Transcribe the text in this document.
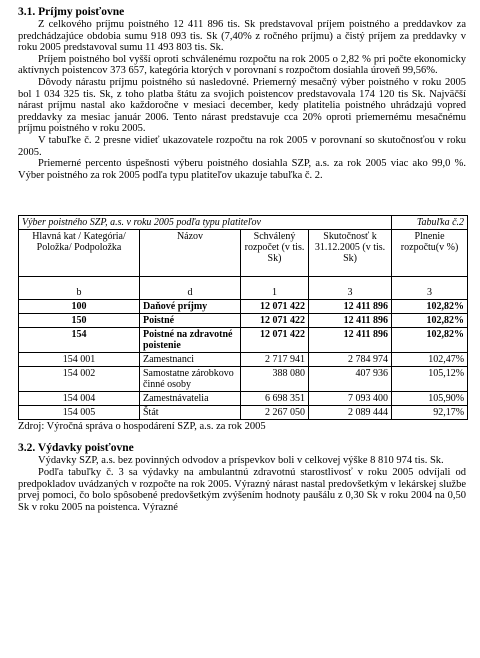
3.1. Príjmy poisťovne

Z celkového príjmu poistného 12 411 896 tis. Sk predstavoval príjem poistného a preddavkov za predchádzajúce obdobia sumu 918 093 tis. Sk (7,40% z ročného príjmu) a čistý príjem za preddavky v roku 2005 predstavoval sumu 11 493 803 tis. Sk.

Príjem poistného bol vyšší oproti schválenému rozpočtu na rok 2005 o 2,82 % pri počte ekonomicky aktívnych poistencov 373 657, kategória ktorých v porovnaní s rozpočtom dosiahla úroveň 99,56%.

Dôvody nárastu príjmu poistného sú nasledovné. Priemerný mesačný výber poistného v roku 2005 bol 1 034 325 tis. Sk, z toho platba štátu za svojich poistencov predstavovala 174 120 tis Sk. Najväčší nárast príjmu nastal ako každoročne v mesiaci december, kedy platitelia poistného uhrádzajú vopred preddavky za mesiac január 2006. Tento nárast predstavuje cca 20% oproti priemernému mesačnému príjmu poistného v roku 2005.

V tabuľke č. 2 presne vidieť ukazovatele rozpočtu na rok 2005 v porovnaní so skutočnosťou v roku 2005.

Priemerné percento úspešnosti výberu poistného dosiahla SZP, a.s. za rok 2005 viac ako 99,0 %. Výber poistného za rok 2005 podľa typu platiteľov ukazuje tabuľka č. 2.

Výber poistného SZP, a.s. v roku 2005 podľa typu platiteľov				Tabuľka č.2
Hlavná kat / Kategória/ Položka/ Podpoložka	Názov	Schválený rozpočet (v tis. Sk)	Skutočnosť k 31.12.2005 (v tis. Sk)	Plnenie rozpočtu(v %)
b	d	1	3	3
100	Daňové príjmy	12 071 422	12 411 896	102,82%
150	Poistné	12 071 422	12 411 896	102,82%
154	Poistné na zdravotné poistenie	12 071 422	12 411 896	102,82%
154 001	Zamestnanci	2 717 941	2 784 974	102,47%
154 002	Samostatne zárobkovo činné osoby	388 080	407 936	105,12%
154 004	Zamestnávatelia	6 698 351	7 093 400	105,90%
154 005	Štát	2 267 050	2 089 444	92,17%
Zdroj: Výročná správa o hospodárení SZP, a.s. za rok 2005
3.2. Výdavky poisťovne

Výdavky SZP, a.s. bez povinných odvodov a príspevkov boli v celkovej výške 8 810 974 tis. Sk.

Podľa tabuľky č. 3 sa výdavky na ambulantnú zdravotnú starostlivosť v roku 2005 odvíjali od predpokladov uvádzaných v rozpočte na rok 2005. Výrazný nárast nastal predovšetkým v lekárskej službe prvej pomoci, čo bolo spôsobené predovšetkým zvýšením hodnoty paušálu z 0,30 Sk v roku 2004 na 0,50 Sk v roku 2005 na poistenca. Výrazné
